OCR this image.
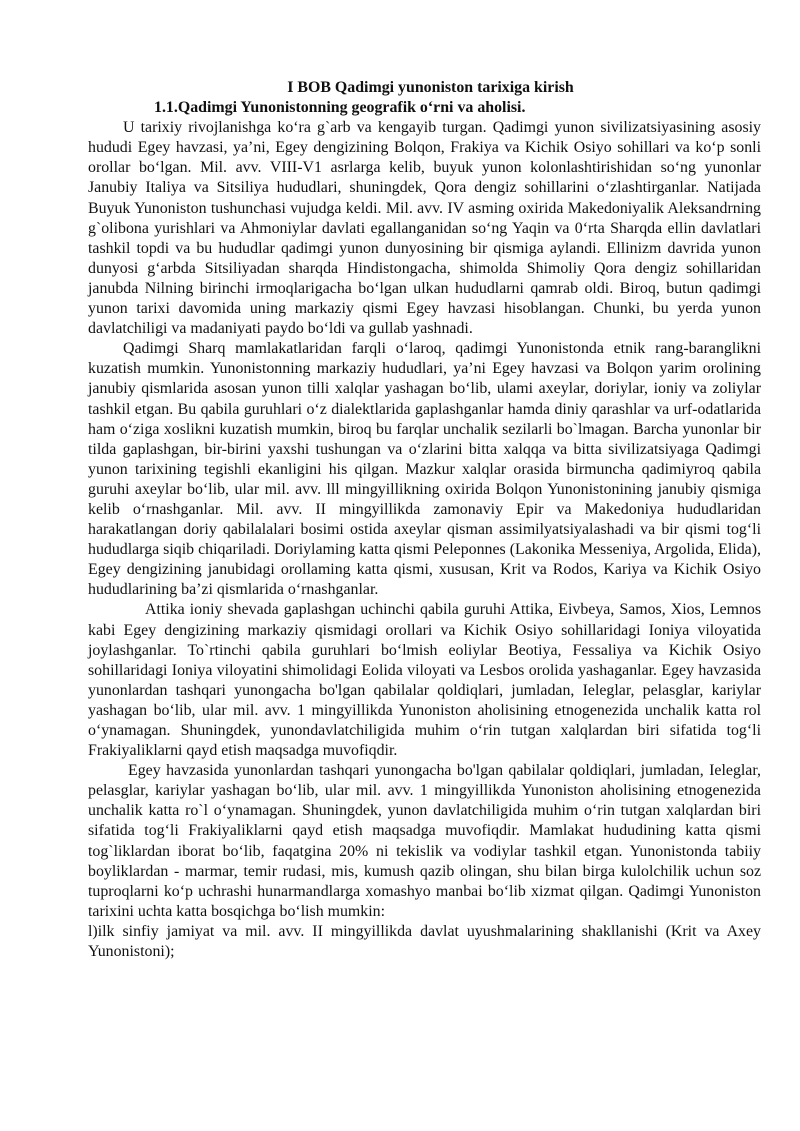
I BOB Qadimgi yunoniston tarixiga kirish
1.1.Qadimgi Yunonistonning geografik o‘rni va aholisi.

U tarixiy rivojlanishga ko‘ra g`arb va kengayib turgan. Qadimgi yunon sivilizatsiyasining asosiy hududi Egey havzasi, ya’ni, Egey dengizining Bolqon, Frakiya va Kichik Osiyo sohillari va ko‘p sonli orollar bo‘lgan. Mil. avv. VIII-V1 asrlarga kelib, buyuk yunon kolonlashtirishidan so‘ng yunonlar Janubiy Italiya va Sitsiliya hududlari, shuningdek, Qora dengiz sohillarini o‘zlashtirganlar. Natijada Buyuk Yunoniston tushunchasi vujudga keldi. Mil. avv. IV asming oxirida Makedoniyalik Aleksandrning g`olibona yurishlari va Ahmoniylar davlati egallanganidan so‘ng Yaqin va 0‘rta Sharqda ellin davlatlari tashkil topdi va bu hududlar qadimgi yunon dunyosining bir qismiga aylandi. Ellinizm davrida yunon dunyosi g‘arbda Sitsiliyadan sharqda Hindistongacha, shimolda Shimoliy Qora dengiz sohillaridan janubda Nilning birinchi irmoqlarigacha bo‘lgan ulkan hududlarni qamrab oldi. Biroq, butun qadimgi yunon tarixi davomida uning markaziy qismi Egey havzasi hisoblangan. Chunki, bu yerda yunon davlatchiligi va madaniyati paydo bo‘ldi va gullab yashnadi.

Qadimgi Sharq mamlakatlaridan farqli o‘laroq, qadimgi Yunonistonda etnik rang-baranglikni kuzatish mumkin. Yunonistonning markaziy hududlari, ya’ni Egey havzasi va Bolqon yarim orolining janubiy qismlarida asosan yunon tilli xalqlar yashagan bo‘lib, ulami axeylar, doriylar, ioniy va zoliylar tashkil etgan. Bu qabila guruhlari o‘z dialektlarida gaplashganlar hamda diniy qarashlar va urf-odatlarida ham o‘ziga xoslikni kuzatish mumkin, biroq bu farqlar unchalik sezilarli bo`lmagan. Barcha yunonlar bir tilda gaplashgan, bir-birini yaxshi tushungan va o‘zlarini bitta xalqqa va bitta sivilizatsiyaga Qadimgi yunon tarixining tegishli ekanligini his qilgan. Mazkur xalqlar orasida birmuncha qadimiyroq qabila guruhi axeylar bo‘lib, ular mil. avv. lll mingyillikning oxirida Bolqon Yunonistonining janubiy qismiga kelib o‘rnashganlar. Mil. avv. II mingyillikda zamonaviy Epir va Makedoniya hududlaridan harakatlangan doriy qabilalalari bosimi ostida axeylar qisman assimilyatsiyalashadi va bir qismi tog‘li hududlarga siqib chiqariladi. Doriylaming katta qismi Peleponnes (Lakonika Messeniya, Argolida, Elida), Egey dengizining janubidagi orollaming katta qismi, xususan, Krit va Rodos, Kariya va Kichik Osiyo hududlarining ba’zi qismlarida o‘rnashganlar.

Attika ioniy shevada gaplashgan uchinchi qabila guruhi Attika, Eivbeya, Samos, Xios, Lemnos kabi Egey dengizining markaziy qismidagi orollari va Kichik Osiyo sohillaridagi Ioniya viloyatida joylashganlar. To`rtinchi qabila guruhlari bo‘lmish eoliylar Beotiya, Fessaliya va Kichik Osiyo sohillaridagi Ioniya viloyatini shimolidagi Eolida viloyati va Lesbos orolida yashaganlar. Egey havzasida yunonlardan tashqari yunongacha bo'lgan qabilalar qoldiqlari, jumladan, Ieleglar, pelasglar, kariylar yashagan bo‘lib, ular mil. avv. 1 mingyillikda Yunoniston aholisining etnogenezida unchalik katta rol o‘ynamagan. Shuningdek, yunondavlatchiligida muhim o‘rin tutgan xalqlardan biri sifatida tog‘li Frakiyaliklarni qayd etish maqsadga muvofiqdir.

Egey havzasida yunonlardan tashqari yunongacha bo'lgan qabilalar qoldiqlari, jumladan, Ieleglar, pelasglar, kariylar yashagan bo‘lib, ular mil. avv. 1 mingyillikda Yunoniston aholisining etnogenezida unchalik katta ro`l o‘ynamagan. Shuningdek, yunon davlatchiligida muhim o‘rin tutgan xalqlardan biri sifatida tog‘li Frakiyaliklarni qayd etish maqsadga muvofiqdir. Mamlakat hududining katta qismi tog`liklardan iborat bo‘lib, faqatgina 20% ni tekislik va vodiylar tashkil etgan. Yunonistonda tabiiy boyliklardan - marmar, temir rudasi, mis, kumush qazib olingan, shu bilan birga kulolchilik uchun soz tuproqlarni ko‘p uchrashi hunarmandlarga xomashyo manbai bo‘lib xizmat qilgan. Qadimgi Yunoniston tarixini uchta katta bosqichga bo‘lish mumkin:

l)ilk sinfiy jamiyat va mil. avv. II mingyillikda davlat uyushmalarining shakllanishi (Krit va Axey Yunonistoni);
